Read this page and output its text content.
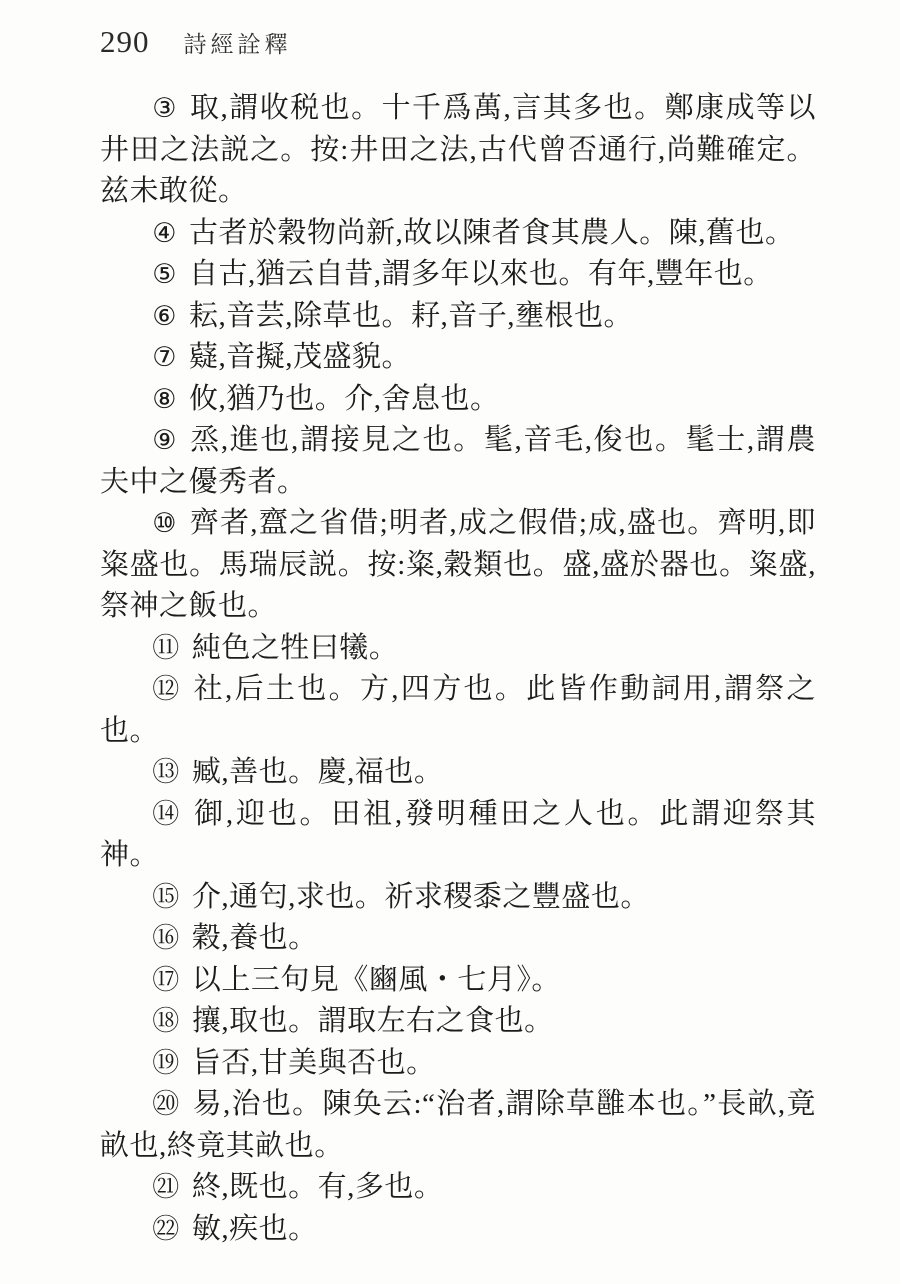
290 詩經詮釋

③ 取,謂收税也。十千爲萬,言其多也。鄭康成等以井田之法説之。按:井田之法,古代曾否通行,尚難確定。兹未敢從。

④ 古者於穀物尚新,故以陳者食其農人。陳,舊也。

⑤ 自古,猶云自昔,謂多年以來也。有年,豐年也。

⑥ 耘,音芸,除草也。耔,音子,壅根也。

⑦ 薿,音擬,茂盛貌。

⑧ 攸,猶乃也。介,舍息也。

⑨ 烝,進也,謂接見之也。髦,音毛,俊也。髦士,謂農夫中之優秀者。

⑩ 齊者,齍之省借;明者,成之假借;成,盛也。齊明,即粢盛也。馬瑞辰説。按:粢,穀類也。盛,盛於器也。粢盛,祭神之飯也。

⑪ 純色之牲曰犧。

⑫ 社,后土也。方,四方也。此皆作動詞用,謂祭之也。

⑬ 臧,善也。慶,福也。

⑭ 御,迎也。田祖,發明種田之人也。此謂迎祭其神。

⑮ 介,通匄,求也。祈求稷黍之豐盛也。

⑯ 穀,養也。

⑰ 以上三句見《豳風・七月》。

⑱ 攘,取也。謂取左右之食也。

⑲ 旨否,甘美與否也。

⑳ 易,治也。陳奂云:“治者,謂除草雝本也。”長畝,竟畝也,終竟其畝也。

㉑ 終,既也。有,多也。

㉒ 敏,疾也。
